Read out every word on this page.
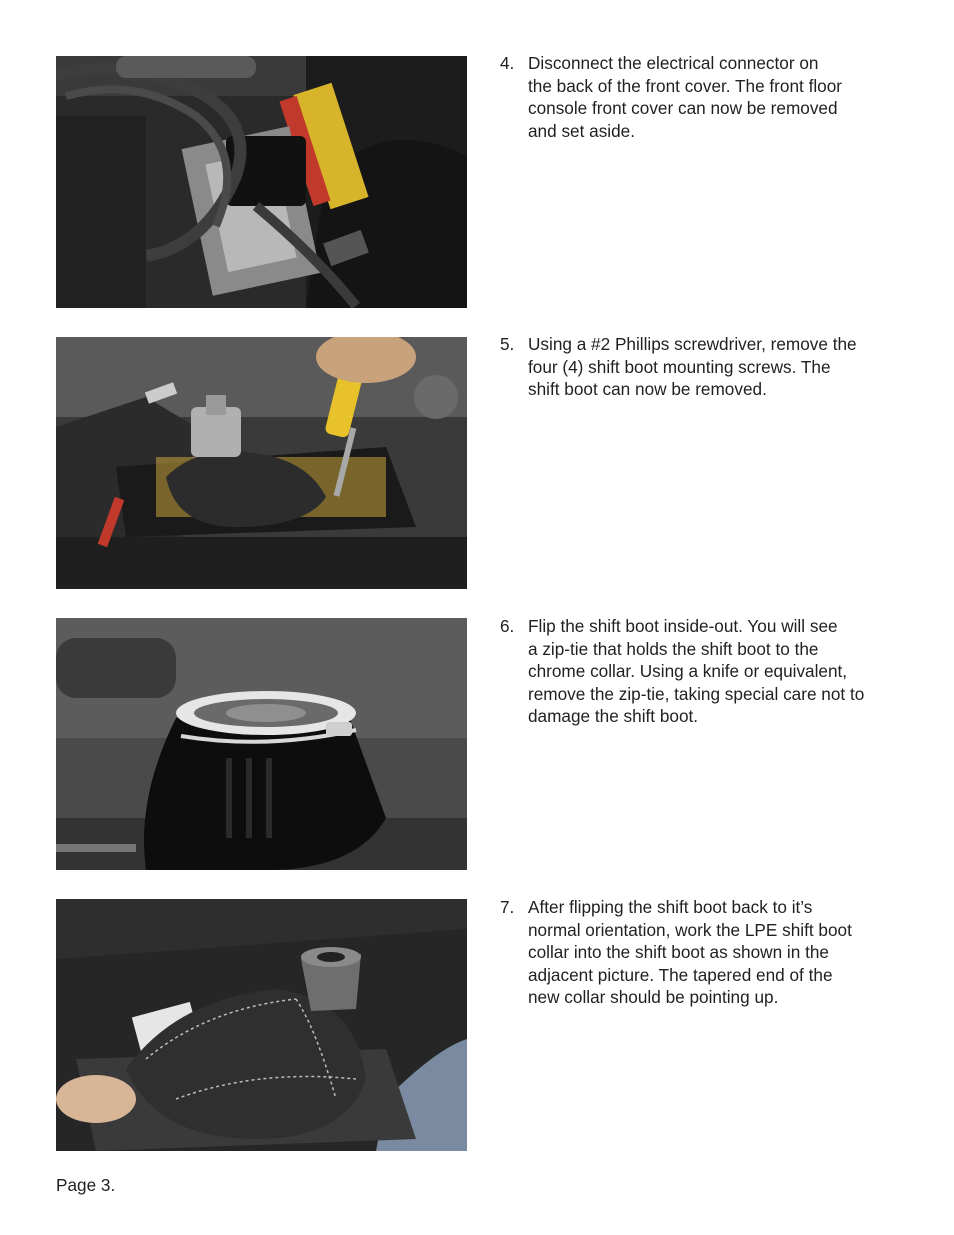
4. Disconnect the electrical connector on
the back of the front cover. The front floor
console front cover can now be removed
and set aside.
5. Using a #2 Phillips screwdriver, remove the
four (4) shift boot mounting screws. The
shift boot can now be removed.
6. Flip the shift boot inside-out. You will see
a zip-tie that holds the shift boot to the
chrome collar. Using a knife or equivalent,
remove the zip-tie, taking special care not to
damage the shift boot.
7. After flipping the shift boot back to it’s
normal orientation, work the LPE shift boot
collar into the shift boot as shown in the
adjacent picture. The tapered end of the
new collar should be pointing up.
Page 3.
